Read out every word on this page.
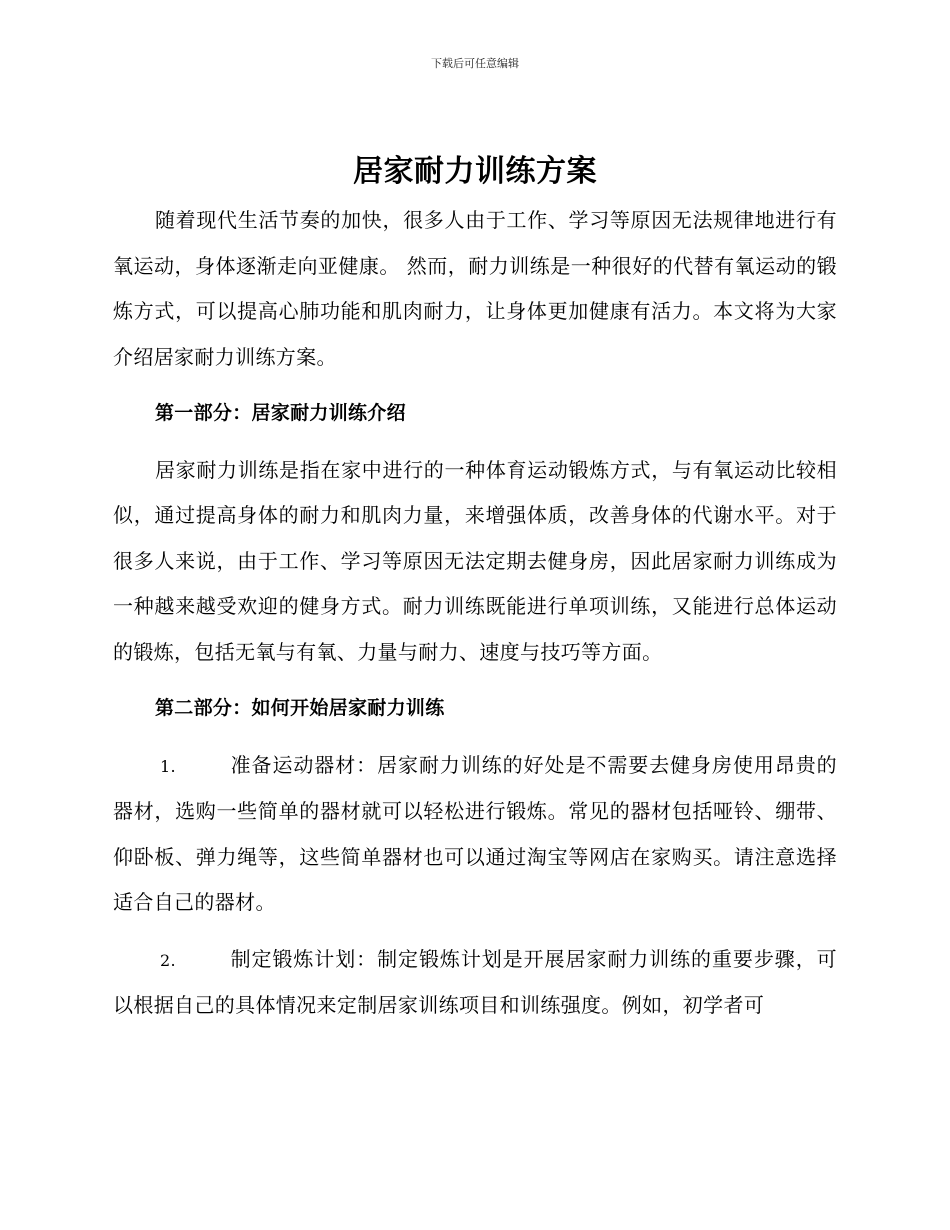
下载后可任意编辑
居家耐力训练方案

随着现代生活节奏的加快，很多人由于工作、学习等原因无法规律地进行有氧运动，身体逐渐走向亚健康。 然而，耐力训练是一种很好的代替有氧运动的锻炼方式，可以提高心肺功能和肌肉耐力，让身体更加健康有活力。本文将为大家介绍居家耐力训练方案。

第一部分：居家耐力训练介绍

居家耐力训练是指在家中进行的一种体育运动锻炼方式，与有氧运动比较相似，通过提高身体的耐力和肌肉力量，来增强体质，改善身体的代谢水平。对于很多人来说，由于工作、学习等原因无法定期去健身房，因此居家耐力训练成为一种越来越受欢迎的健身方式。耐力训练既能进行单项训练，又能进行总体运动的锻炼，包括无氧与有氧、力量与耐力、速度与技巧等方面。

第二部分：如何开始居家耐力训练

1.	准备运动器材：居家耐力训练的好处是不需要去健身房使用昂贵的器材，选购一些简单的器材就可以轻松进行锻炼。常见的器材包括哑铃、绷带、仰卧板、弹力绳等，这些简单器材也可以通过淘宝等网店在家购买。请注意选择适合自己的器材。

2.	制定锻炼计划：制定锻炼计划是开展居家耐力训练的重要步骤，可以根据自己的具体情况来定制居家训练项目和训练强度。例如，初学者可
